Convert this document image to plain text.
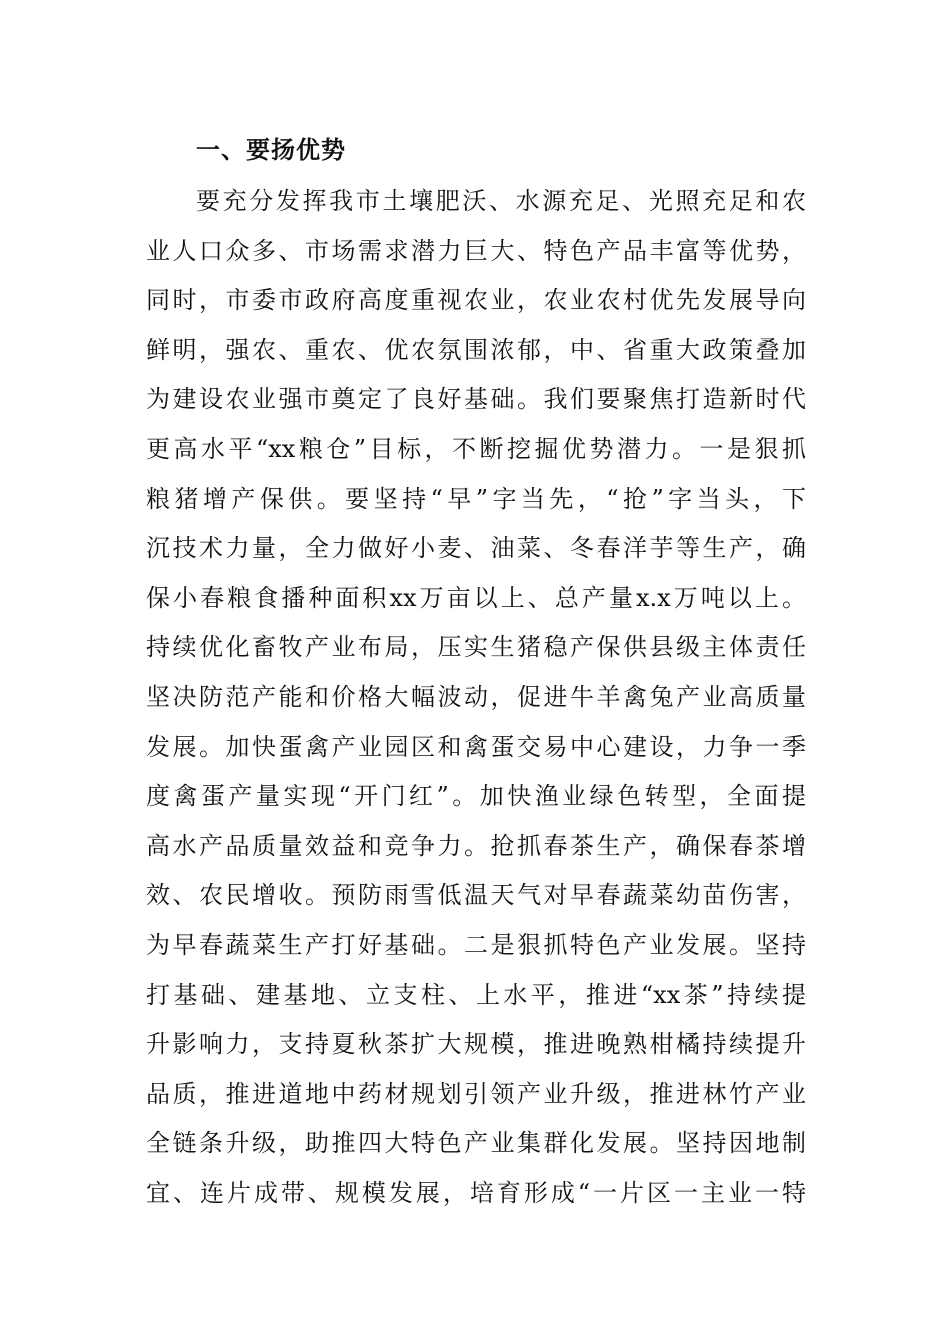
一、要扬优势
要充分发挥我市土壤肥沃、水源充足、光照充足和农
业人口众多、市场需求潜力巨大、特色产品丰富等优势，
同时，市委市政府高度重视农业，农业农村优先发展导向
鲜明，强农、重农、优农氛围浓郁，中、省重大政策叠加
为建设农业强市奠定了良好基础。我们要聚焦打造新时代
更高水平“xx粮仓”目标，不断挖掘优势潜力。一是狠抓
粮猪增产保供。要坚持“早”字当先，“抢”字当头，下
沉技术力量，全力做好小麦、油菜、冬春洋芋等生产，确
保小春粮食播种面积xx万亩以上、总产量x.x万吨以上。
持续优化畜牧产业布局，压实生猪稳产保供县级主体责任
坚决防范产能和价格大幅波动，促进牛羊禽兔产业高质量
发展。加快蛋禽产业园区和禽蛋交易中心建设，力争一季
度禽蛋产量实现“开门红”。加快渔业绿色转型，全面提
高水产品质量效益和竞争力。抢抓春茶生产，确保春茶增
效、农民增收。预防雨雪低温天气对早春蔬菜幼苗伤害，
为早春蔬菜生产打好基础。二是狠抓特色产业发展。坚持
打基础、建基地、立支柱、上水平，推进“xx茶”持续提
升影响力，支持夏秋茶扩大规模，推进晚熟柑橘持续提升
品质，推进道地中药材规划引领产业升级，推进林竹产业
全链条升级，助推四大特色产业集群化发展。坚持因地制
宜、连片成带、规模发展，培育形成“一片区一主业一特
